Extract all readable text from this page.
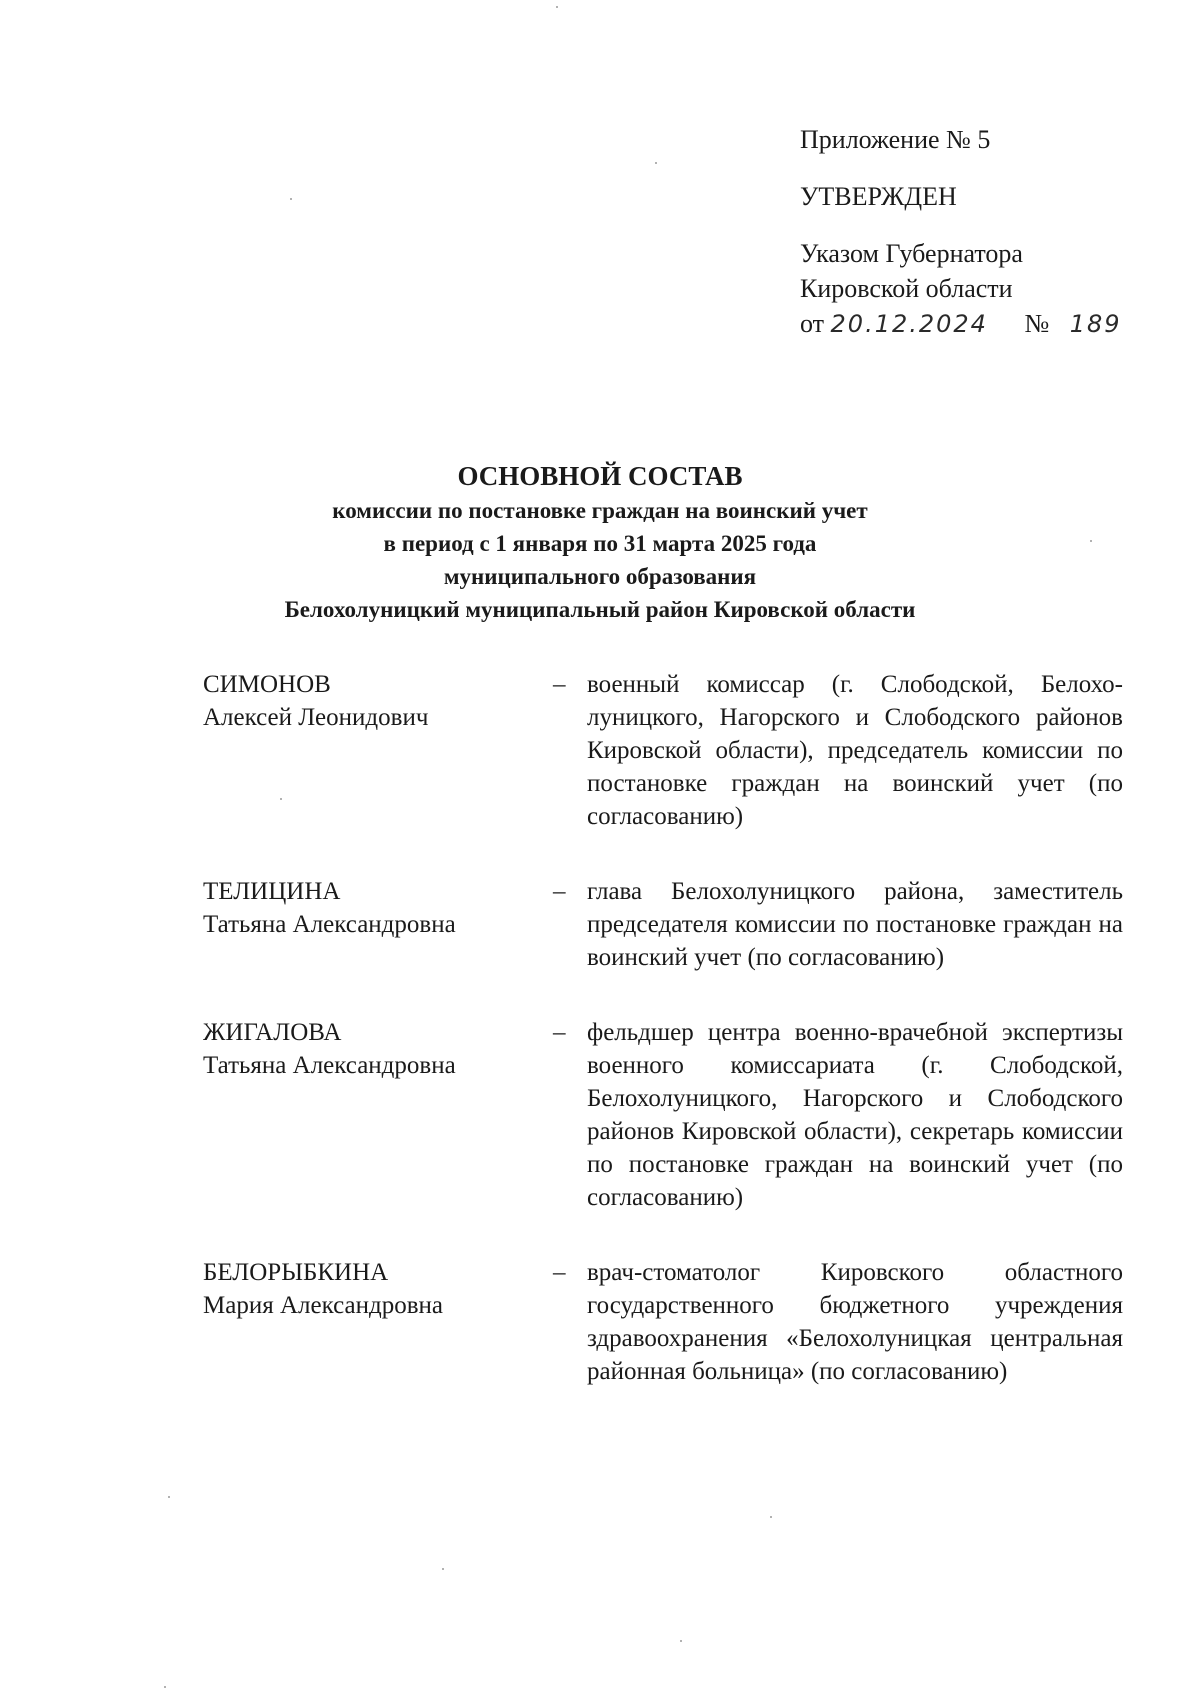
Приложение № 5
УТВЕРЖДЕН
Указом Губернатора
Кировской области
от 20.12.2024 № 189
ОСНОВНОЙ СОСТАВ
комиссии по постановке граждан на воинский учет
в период с 1 января по 31 марта 2025 года
муниципального образования
Белохолуницкий муниципальный район Кировской области
СИМОНОВ
Алексей Леонидович
– военный комиссар (г. Слободской, Белохолуницкого, Нагорского и Слободского районов Кировской области), председатель комиссии по постановке граждан на воинский учет (по согласованию)
ТЕЛИЦИНА
Татьяна Александровна
– глава Белохолуницкого района, заместитель председателя комиссии по постановке граждан на воинский учет (по согласованию)
ЖИГАЛОВА
Татьяна Александровна
– фельдшер центра военно-врачебной экспертизы военного комиссариата (г. Слободской, Белохолуницкого, Нагорского и Слободского районов Кировской области), секретарь комиссии по постановке граждан на воинский учет (по согласованию)
БЕЛОРЫБКИНА
Мария Александровна
– врач-стоматолог Кировского областного государственного бюджетного учреждения здравоохранения «Белохолуницкая центральная районная больница» (по согласованию)
